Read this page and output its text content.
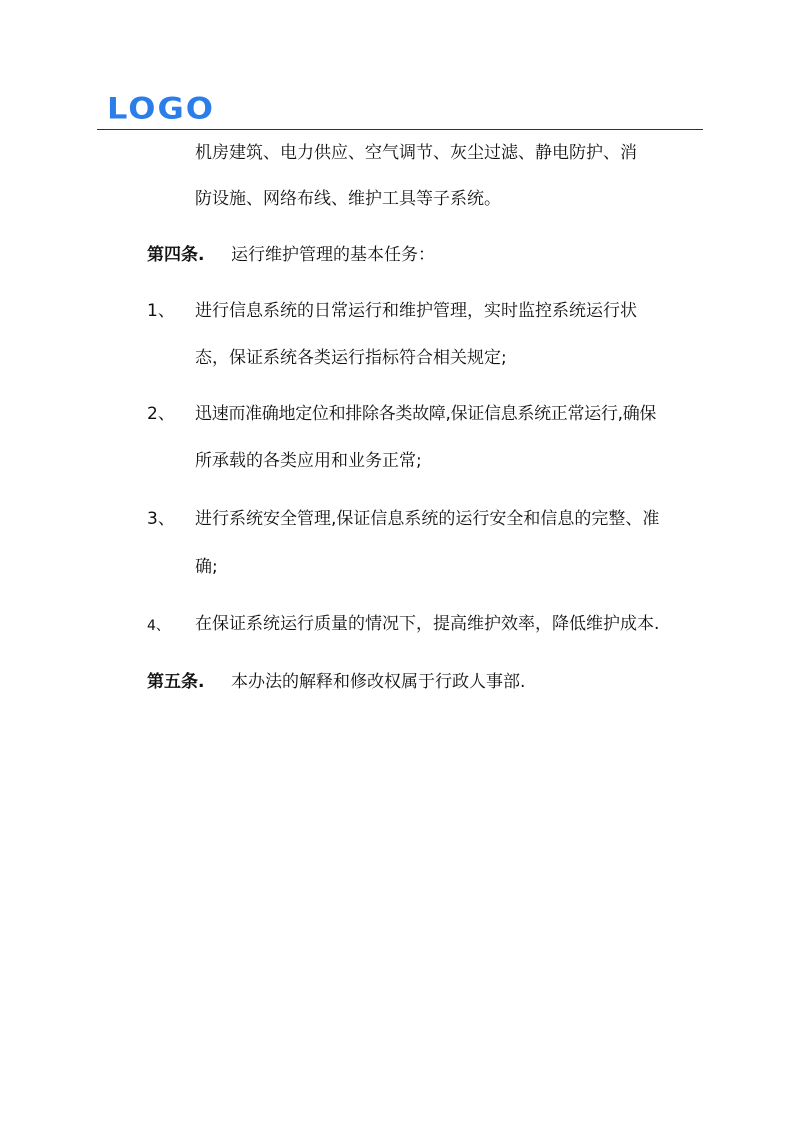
LOGO
机房建筑、电力供应、空气调节、灰尘过滤、静电防护、消
防设施、网络布线、维护工具等子系统。
第四条. 运行维护管理的基本任务：
1、 进行信息系统的日常运行和维护管理，实时监控系统运行状
态，保证系统各类运行指标符合相关规定;
2、 迅速而准确地定位和排除各类故障,保证信息系统正常运行,确保
所承载的各类应用和业务正常;
3、 进行系统安全管理,保证信息系统的运行安全和信息的完整、准
确;
4、 在保证系统运行质量的情况下，提高维护效率，降低维护成本.
第五条. 本办法的解释和修改权属于行政人事部.
